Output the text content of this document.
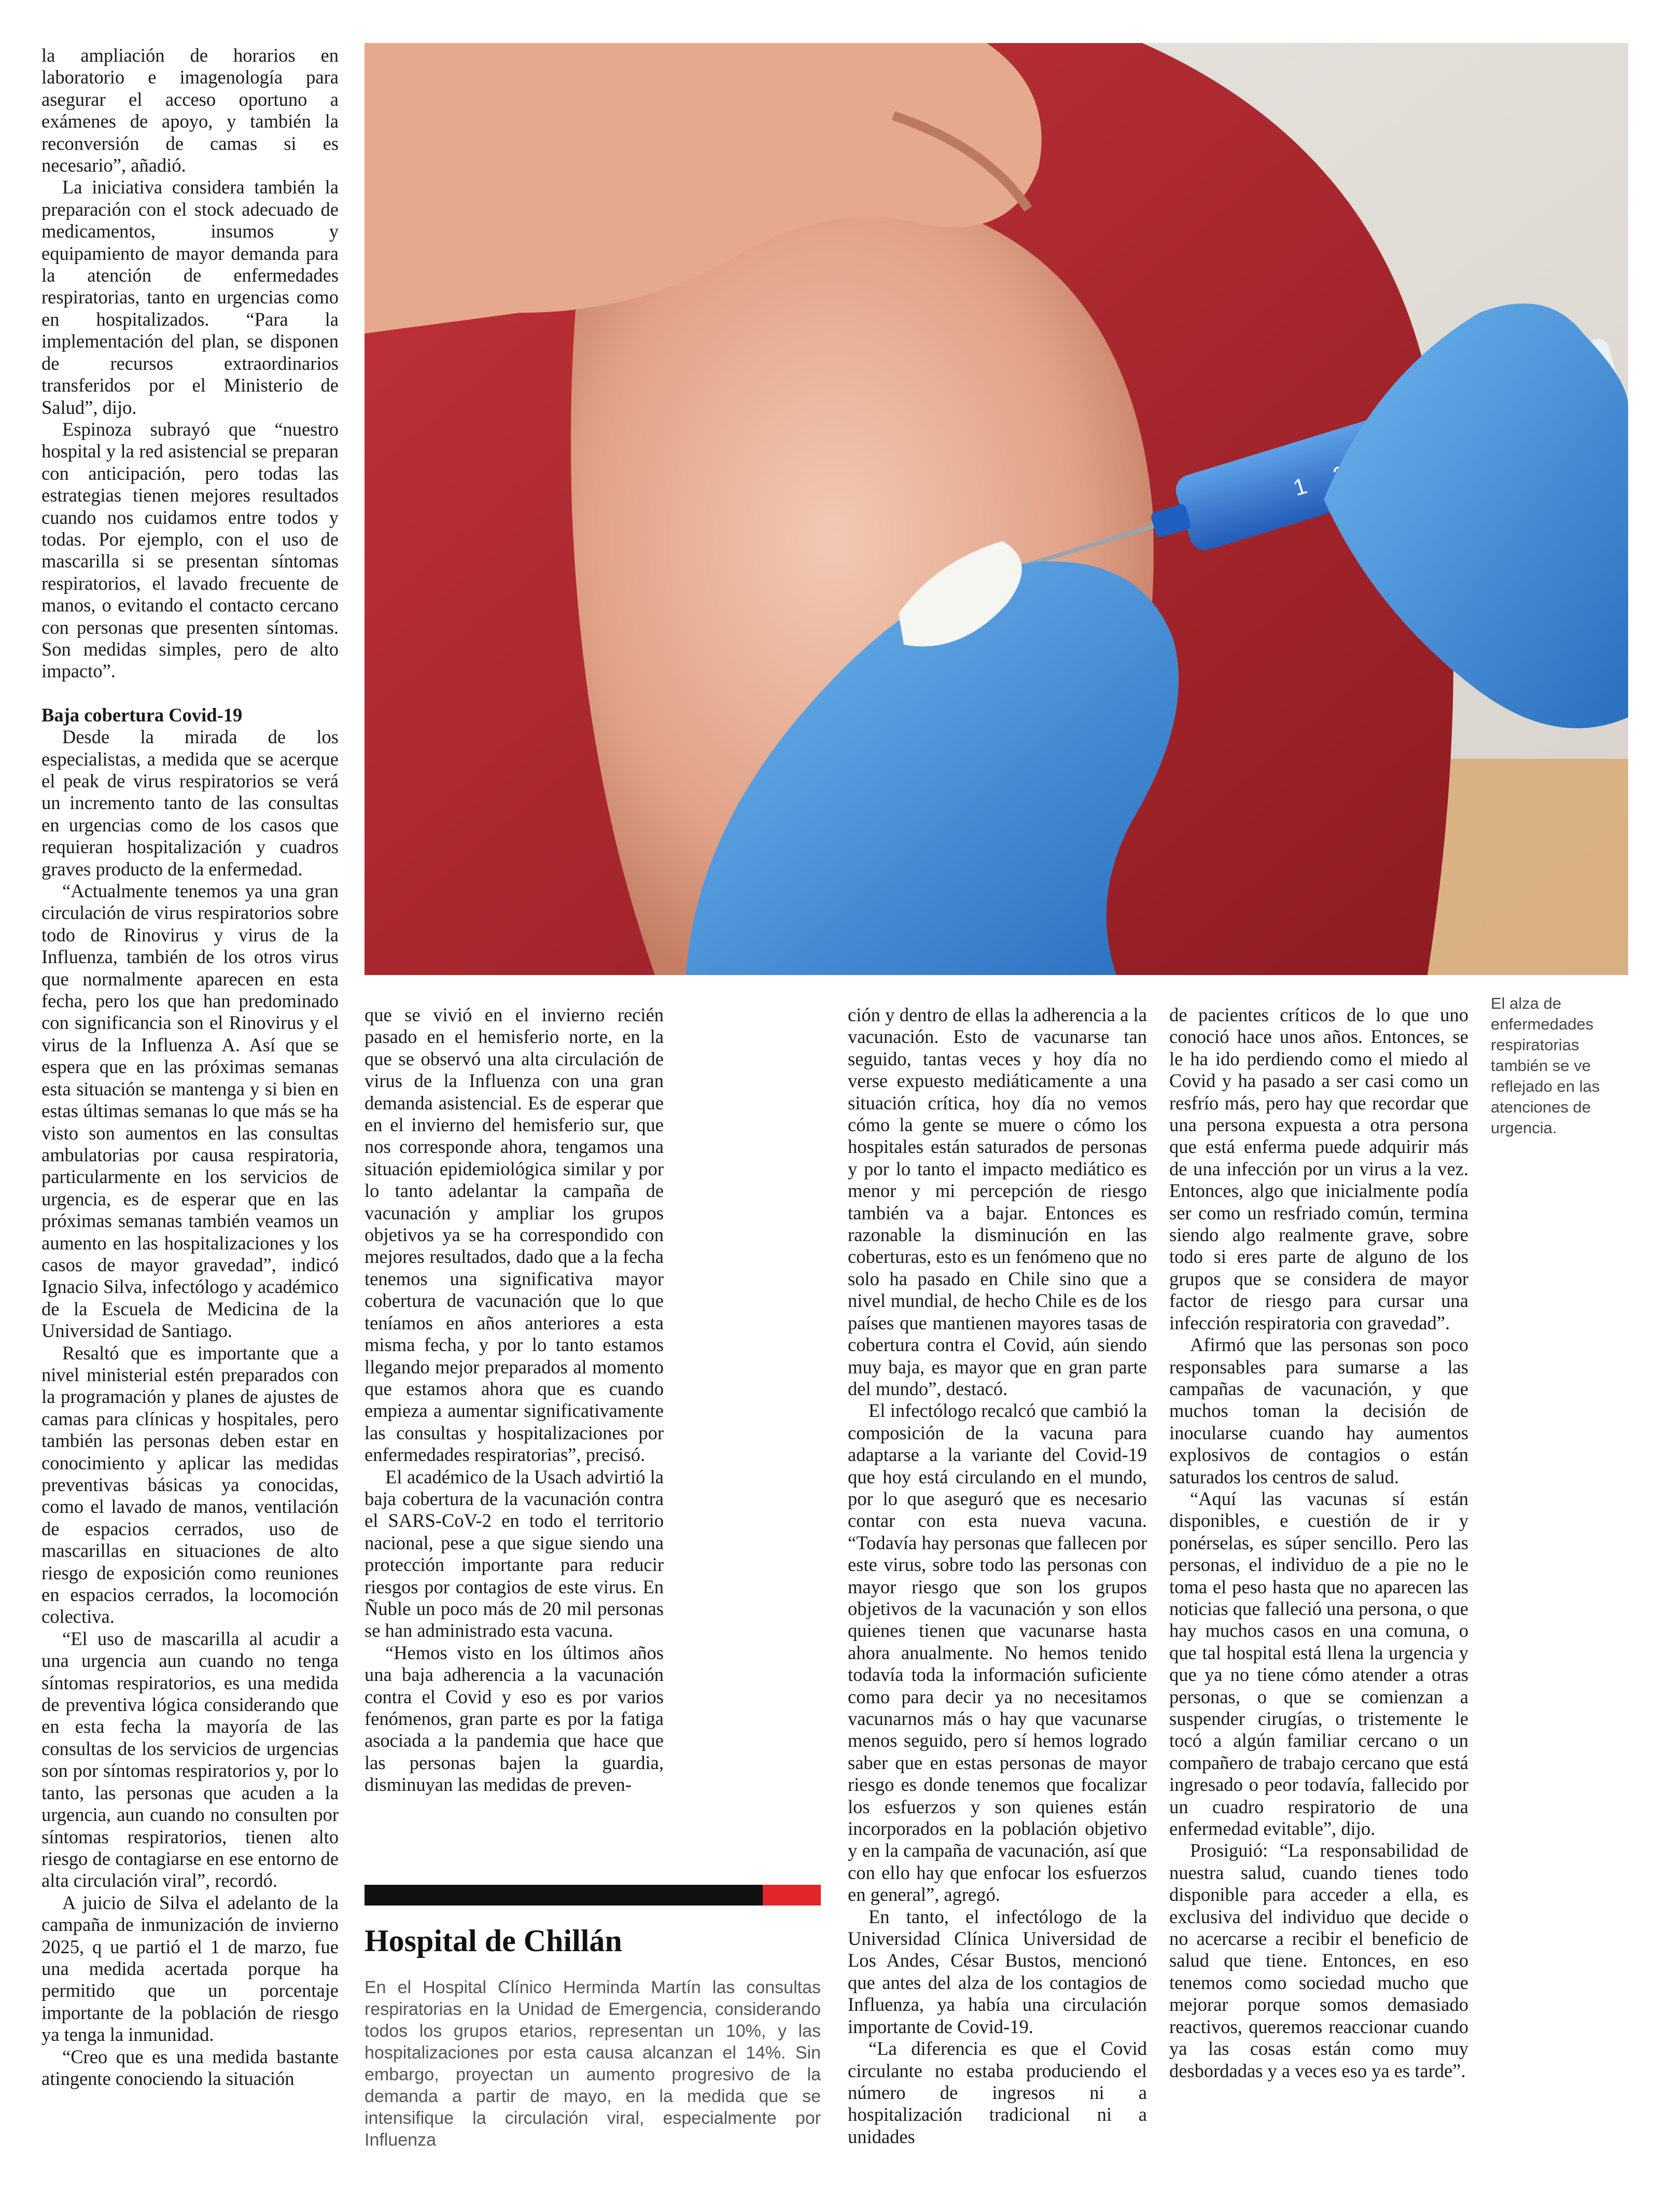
la ampliación de horarios en laboratorio e imagenología para asegurar el acceso oportuno a exámenes de apoyo, y también la reconversión de camas si es necesario”, añadió.

La iniciativa considera también la preparación con el stock adecuado de medicamentos, insumos y equipamiento de mayor demanda para la atención de enfermedades respiratorias, tanto en urgencias como en hospitalizados. “Para la implementación del plan, se disponen de recursos extraordinarios transferidos por el Ministerio de Salud”, dijo.

Espinoza subrayó que “nuestro hospital y la red asistencial se preparan con anticipación, pero todas las estrategias tienen mejores resultados cuando nos cuidamos entre todos y todas. Por ejemplo, con el uso de mascarilla si se presentan síntomas respiratorios, el lavado frecuente de manos, o evitando el contacto cercano con personas que presenten síntomas. Son medidas simples, pero de alto impacto”.

Baja cobertura Covid-19

Desde la mirada de los especialistas, a medida que se acerque el peak de virus respiratorios se verá un incremento tanto de las consultas en urgencias como de los casos que requieran hospitalización y cuadros graves producto de la enfermedad.

“Actualmente tenemos ya una gran circulación de virus respiratorios sobre todo de Rinovirus y virus de la Influenza, también de los otros virus que normalmente aparecen en esta fecha, pero los que han predominado con significancia son el Rinovirus y el virus de la Influenza A. Así que se espera que en las próximas semanas esta situación se mantenga y si bien en estas últimas semanas lo que más se ha visto son aumentos en las consultas ambulatorias por causa respiratoria, particularmente en los servicios de urgencia, es de esperar que en las próximas semanas también veamos un aumento en las hospitalizaciones y los casos de mayor gravedad”, indicó Ignacio Silva, infectólogo y académico de la Escuela de Medicina de la Universidad de Santiago.

Resaltó que es importante que a nivel ministerial estén preparados con la programación y planes de ajustes de camas para clínicas y hospitales, pero también las personas deben estar en conocimiento y aplicar las medidas preventivas básicas ya conocidas, como el lavado de manos, ventilación de espacios cerrados, uso de mascarillas en situaciones de alto riesgo de exposición como reuniones en espacios cerrados, la locomoción colectiva.

“El uso de mascarilla al acudir a una urgencia aun cuando no tenga síntomas respiratorios, es una medida de preventiva lógica considerando que en esta fecha la mayoría de las consultas de los servicios de urgencias son por síntomas respiratorios y, por lo tanto, las personas que acuden a la urgencia, aun cuando no consulten por síntomas respiratorios, tienen alto riesgo de contagiarse en ese entorno de alta circulación viral”, recordó.

A juicio de Silva el adelanto de la campaña de inmunización de invierno 2025, q ue partió el 1 de marzo, fue una medida acertada porque ha permitido que un porcentaje importante de la población de riesgo ya tenga la inmunidad.

“Creo que es una medida bastante atingente conociendo la situación

1
El alza de enfermedades respiratorias también se ve reflejado en las atenciones de urgencia.

que se vivió en el invierno recién pasado en el hemisferio norte, en la que se observó una alta circulación de virus de la Influenza con una gran demanda asistencial. Es de esperar que en el invierno del hemisferio sur, que nos corresponde ahora, tengamos una situación epidemiológica similar y por lo tanto adelantar la campaña de vacunación y ampliar los grupos objetivos ya se ha correspondido con mejores resultados, dado que a la fecha tenemos una significativa mayor cobertura de vacunación que lo que teníamos en años anteriores a esta misma fecha, y por lo tanto estamos llegando mejor preparados al momento que estamos ahora que es cuando empieza a aumentar significativamente las consultas y hospitalizaciones por enfermedades respiratorias”, precisó.

El académico de la Usach advirtió la baja cobertura de la vacunación contra el SARS-CoV-2 en todo el territorio nacional, pese a que sigue siendo una protección importante para reducir riesgos por contagios de este virus. En Ñuble un poco más de 20 mil personas se han administrado esta vacuna.

“Hemos visto en los últimos años una baja adherencia a la vacunación contra el Covid y eso es por varios fenómenos, gran parte es por la fatiga asociada a la pandemia que hace que las personas bajen la guardia, disminuyan las medidas de preven-

Hospital de Chillán

En el Hospital Clínico Herminda Martín las consultas respiratorias en la Unidad de Emergencia, considerando todos los grupos etarios, representan un 10%, y las hospitalizaciones por esta causa alcanzan el 14%. Sin embargo, proyectan un aumento progresivo de la demanda a partir de mayo, en la medida que se intensifique la circulación viral, especialmente por Influenza

ción y dentro de ellas la adherencia a la vacunación. Esto de vacunarse tan seguido, tantas veces y hoy día no verse expuesto mediáticamente a una situación crítica, hoy día no vemos cómo la gente se muere o cómo los hospitales están saturados de personas y por lo tanto el impacto mediático es menor y mi percepción de riesgo también va a bajar. Entonces es razonable la disminución en las coberturas, esto es un fenómeno que no solo ha pasado en Chile sino que a nivel mundial, de hecho Chile es de los países que mantienen mayores tasas de cobertura contra el Covid, aún siendo muy baja, es mayor que en gran parte del mundo”, destacó.

El infectólogo recalcó que cambió la composición de la vacuna para adaptarse a la variante del Covid-19 que hoy está circulando en el mundo, por lo que aseguró que es necesario contar con esta nueva vacuna. “Todavía hay personas que fallecen por este virus, sobre todo las personas con mayor riesgo que son los grupos objetivos de la vacunación y son ellos quienes tienen que vacunarse hasta ahora anualmente. No hemos tenido todavía toda la información suficiente como para decir ya no necesitamos vacunarnos más o hay que vacunarse menos seguido, pero sí hemos logrado saber que en estas personas de mayor riesgo es donde tenemos que focalizar los esfuerzos y son quienes están incorporados en la población objetivo y en la campaña de vacunación, así que con ello hay que enfocar los esfuerzos en general”, agregó.

En tanto, el infectólogo de la Universidad Clínica Universidad de Los Andes, César Bustos, mencionó que antes del alza de los contagios de Influenza, ya había una circulación importante de Covid-19.

“La diferencia es que el Covid circulante no estaba produciendo el número de ingresos ni a hospitalización tradicional ni a unidades

de pacientes críticos de lo que uno conoció hace unos años. Entonces, se le ha ido perdiendo como el miedo al Covid y ha pasado a ser casi como un resfrío más, pero hay que recordar que una persona expuesta a otra persona que está enferma puede adquirir más de una infección por un virus a la vez. Entonces, algo que inicialmente podía ser como un resfriado común, termina siendo algo realmente grave, sobre todo si eres parte de alguno de los grupos que se considera de mayor factor de riesgo para cursar una infección respiratoria con gravedad”.

Afirmó que las personas son poco responsables para sumarse a las campañas de vacunación, y que muchos toman la decisión de inocularse cuando hay aumentos explosivos de contagios o están saturados los centros de salud.

“Aquí las vacunas sí están disponibles, e cuestión de ir y ponérselas, es súper sencillo. Pero las personas, el individuo de a pie no le toma el peso hasta que no aparecen las noticias que falleció una persona, o que hay muchos casos en una comuna, o que tal hospital está llena la urgencia y que ya no tiene cómo atender a otras personas, o que se comienzan a suspender cirugías, o tristemente le tocó a algún familiar cercano o un compañero de trabajo cercano que está ingresado o peor todavía, fallecido por un cuadro respiratorio de una enfermedad evitable”, dijo.

Prosiguió: “La responsabilidad de nuestra salud, cuando tienes todo disponible para acceder a ella, es exclusiva del individuo que decide o no acercarse a recibir el beneficio de salud que tiene. Entonces, en eso tenemos como sociedad mucho que mejorar porque somos demasiado reactivos, queremos reaccionar cuando ya las cosas están como muy desbordadas y a veces eso ya es tarde”.
